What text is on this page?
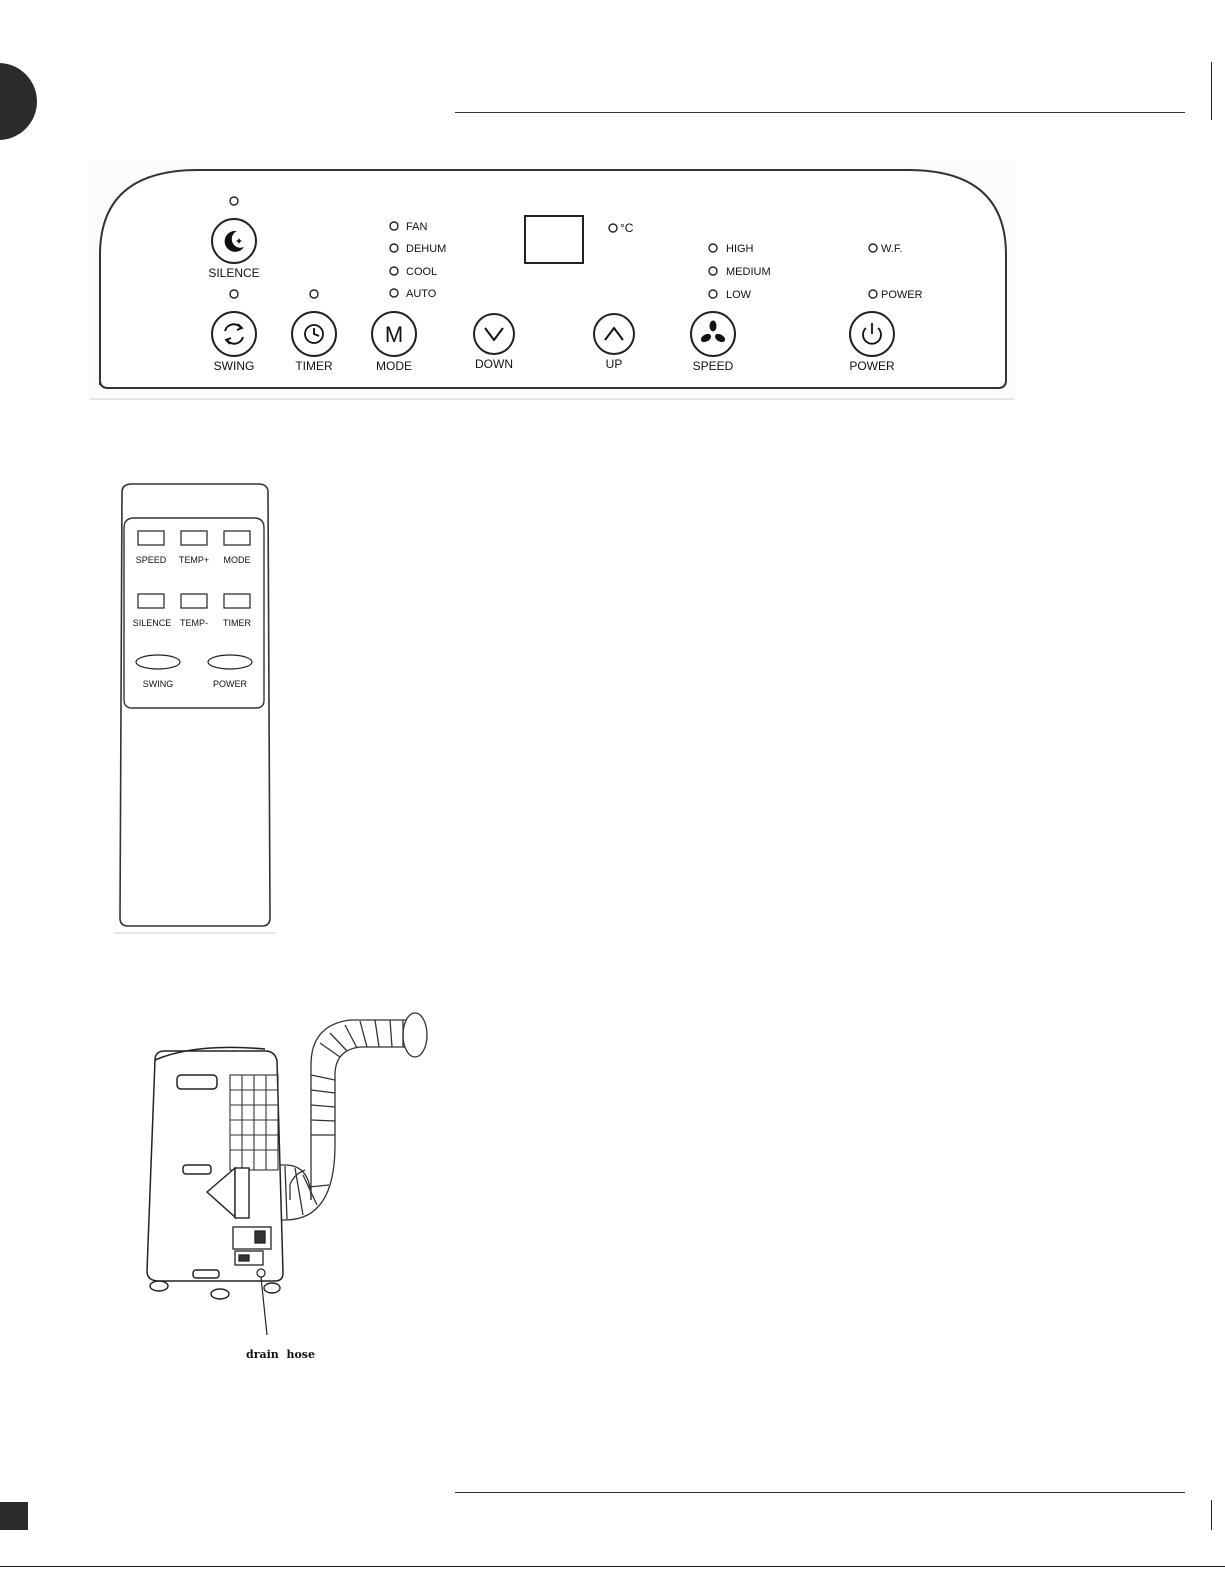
SILENCE
SWING	TIMER
M
MODE
FAN
DEHUM
COOL
AUTO
°C
DOWN	UP	SPEED
HIGH
MEDIUM
LOW
W.F.
POWER
POWER
SPEED TEMP+ MODE
SILENCE TEMP- TIMER
SWING	POWER
drain  hose
